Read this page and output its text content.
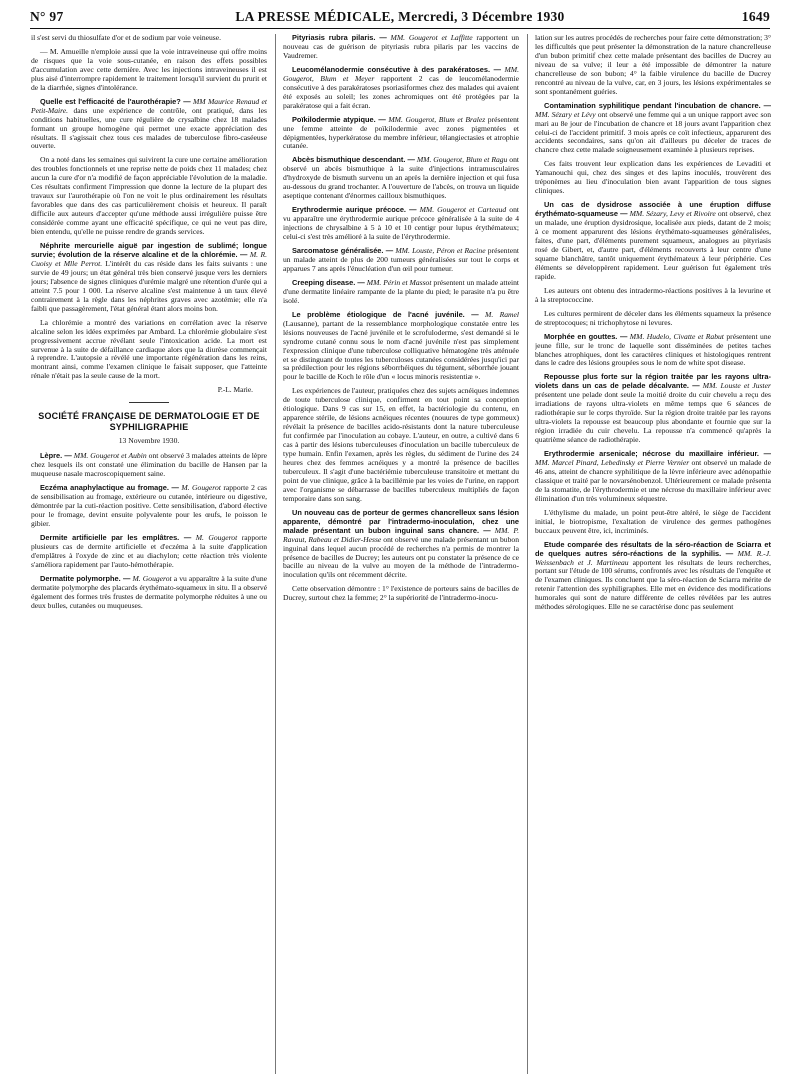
N° 97	LA PRESSE MÉDICALE, Mercredi, 3 Décembre 1930	1649

il s'est servi du thiosulfate d'or et de sodium par voie veineuse.

— M. Amueille n'emploie aussi que la voie intraveineuse qui offre moins de risques que la voie sous-cutanée, en raison des effets possibles d'accumulation avec cette dernière. Avec les injections intraveineuses il est plus aisé d'interrompre rapidement le traitement lorsqu'il survient du prurit et de la diarrhée, signes d'intolérance.

Quelle est l'efficacité de l'aurothérapie? — MM Maurice Renaud et Petit-Maire. dans une expérience de contrôle, ont pratiqué, dans les conditions habituelles, une cure régulière de crysalbine chez 18 malades formant un groupe homogène qui permet une exacte appréciation des résultats. Il s'agissait chez tous ces malades de tuberculose fibro-caséeuse ouverte.

On a noté dans les semaines qui suivirent la cure une certaine amélioration des troubles fonctionnels et une reprise nette de poids chez 11 malades; chez aucun la cure d'or n'a modifié de façon appréciable l'évolution de la maladie. Ces résultats confirment l'impression que donne la lecture de la plupart des travaux sur l'aurothérapie où l'on ne voit le plus ordinairement les résultats favorables que dans des cas particulièrement choisis et heureux. Il paraît difficile aux auteurs d'accepter qu'une méthode aussi irrégulière puisse être considérée comme ayant une efficacité spécifique, ce qui ne veut pas dire, bien entendu, qu'elle ne puisse rendre de grands services.

Néphrite mercurielle aiguë par ingestion de sublimé; longue survie; évolution de la réserve alcaline et de la chlorémie. — M. R. Cuoisy et Mlle Perrot. L'intérêt du cas réside dans les faits suivants : une survie de 49 jours; un état général très bien conservé jusque vers les derniers jours; l'absence de signes cliniques d'urémie malgré une rétention d'urée qui a atteint 7.5 pour 1 000. La réserve alcaline s'est maintenue à un taux élevé contrairement à la règle dans les néphrites graves avec azotémie; elle n'a faibli que passagèrement, l'état général étant alors moins bon.

La chlorémie a montré des variations en corrélation avec la réserve alcaline selon les idées exprimées par Ambard. La chlorémie globulaire s'est progressivement accrue révélant seule l'intoxication acide. La mort est survenue à la suite de défaillance cardiaque alors que la diurèse commençait à reprendre. L'autopsie a révélé une importante régénération dans les reins, montrant ainsi, comme l'examen clinique le faisait supposer, que l'atteinte rénale n'était pas la seule cause de la mort.

P.-L. Marie.

SOCIÉTÉ FRANÇAISE DE DERMATOLOGIE ET DE SYPHILIGRAPHIE
13 Novembre 1930.

Lèpre. — MM. Gougerot et Aubin ont observé 3 malades atteints de lèpre chez lesquels ils ont constaté une élimination du bacille de Hansen par la muqueuse nasale macroscopiquement saine.

Eczéma anaphylactique au fromage. — M. Gougerot rapporte 2 cas de sensibilisation au fromage, extérieure ou cutanée, intérieure ou digestive, démontrée par la cuti-réaction positive. Cette sensibilisation, d'abord élective pour le fromage, devint ensuite polyvalente pour les œufs, le poisson le gibier.

Dermite artificielle par les emplâtres. — M. Gougerot rapporte plusieurs cas de dermite artificielle et d'eczéma à la suite d'application d'emplâtres à l'oxyde de zinc et au diachylon; cette réaction très violente s'améliora rapidement par l'auto-hémothérapie.

Dermatite polymorphe. — M. Gougerot a vu apparaître à la suite d'une dermatite polymorphe des placards érythémato-squameux in situ. Il a observé également des formes très frustes de dermatite polymorphe réduites à une ou deux bulles, cutanées ou muqueuses.

Pityriasis rubra pilaris. — MM. Gougerot et Laffitte rapportent un nouveau cas de guérison de pityriasis rubra pilaris par les vaccins de Vaudremer.

Leucomélanodermie consécutive à des parakératoses. — MM. Gougerot, Blum et Meyer rapportent 2 cas de leucomélanodermie consécutive à des parakératoses psoriasiformes chez des malades qui avaient été exposés au soleil; les zones achromiques ont été protégées par la parakératose qui a fait écran.

Poïkilodermie atypique. — MM. Gougerot, Blum et Bralez présentent une femme atteinte de poïkilodermie avec zones pigmentées et dépigmentées, hyperkératose du membre inférieur, télangiectasies et atrophie cutanée.

Abcès bismuthique descendant. — MM. Gougerot, Blum et Ragu ont observé un abcès bismuthique à la suite d'injections intramusculaires d'hydroxyde de bismuth survenu un an après la dernière injection et qui fusa au-dessous du grand trochanter. A l'ouverture de l'abcès, on trouva un liquide aseptique contenant d'énormes cailloux bismuthiques.

Erythrodermie aurique précoce. — MM. Gougerot et Carteaud ont vu apparaître une érythrodermie aurique précoce généralisée à la suite de 4 injections de chrysalbine à 5 à 10 et 10 centigr pour lupus érythémateux; celui-ci s'est très amélioré à la suite de l'érythrodermie.

Sarcomatose généralisée. — MM. Louste, Péron et Racine présentent un malade atteint de plus de 200 tumeurs généralisées sur tout le corps et apparues 7 ans après l'énucléation d'un œil pour tumeur.

Creeping disease. — MM. Périn et Massot présentent un malade atteint d'une dermatite linéaire rampante de la plante du pied; le parasite n'a pu être isolé.

Le problème étiologique de l'acné juvénile. — M. Ramel (Lausanne), partant de la ressemblance morphologique constatée entre les lésions nouveuses de l'acné juvénile et le scrofuloderme, s'est demandé si le syndrome cutané connu sous le nom d'acné juvénile n'est pas simplement l'expression clinique d'une tuberculose colliquative hématogène très atténuée et se distinguant de toutes les tuberculoses cutanées considérées jusqu'ici par sa prédilection pour les régions séborrhéiques du tégument, séborrhée jouant pour le bacille de Koch le rôle d'un « locus minoris resistentiæ ».

Les expériences de l'auteur, pratiquées chez des sujets acnéiques indemnes de toute tuberculose clinique, confirment en tout point sa conception étiologique. Dans 9 cas sur 15, en effet, la bactériologie du contenu, en apparence stérile, de lésions acnéiques récentes (nouures de type gommeux) révélait la présence de bacilles acido-résistants dont la nature tuberculeuse fut confirmée par l'inoculation au cobaye. L'auteur, en outre, a cultivé dans 6 cas à partir des lésions tuberculeuses d'inoculation un bacille tuberculeux de type humain. Enfin l'examen, après les règles, du sédiment de l'urine des 24 heures chez des femmes acnéiques y a montré la présence de bacilles tuberculeux. Il s'agit d'une bactériémie tuberculeuse transitoire et mettant du point de vue clinique, grâce à la bacillémie par les voies de l'urine, en rapport avec l'organisme se débarrasse de bacilles tuberculeux multipliés de façon temporaire dans son sang.

Un nouveau cas de porteur de germes chancrelleux sans lésion apparente, démontré par l'intradermo-inoculation, chez une malade présentant un bubon inguinal sans chancre. — MM. P. Ravaut, Rabeau et Didier-Hesse ont observé une malade présentant un bubon inguinal dans lequel aucun procédé de recherches n'a permis de montrer la présence de bacilles de Ducrey; les auteurs ont pu constater la présence de ce bacille au niveau de la vulve au moyen de la méthode de l'intradermo-inoculation qu'ils ont récemment décrite.

Cette observation démontre : 1° l'existence de porteurs sains de bacilles de Ducrey, surtout chez la femme; 2° la supériorité de l'intradermo-inocu-

lation sur les autres procédés de recherches pour faire cette démonstration; 3° les difficultés que peut présenter la démonstration de la nature chancrelleuse d'un bubon primitif chez cette malade présentant des bacilles de Ducrey au niveau de sa vulve; il leur a été impossible de démontrer la nature chancrelleuse de son bubon; 4° la faible virulence du bacille de Ducrey rencontré au niveau de la vulve, car, en 3 jours, les lésions expérimentales se sont spontanément guéries.

Contamination syphilitique pendant l'incubation de chancre. — MM. Sézary et Lévy ont observé une femme qui a un unique rapport avec son mari au 8e jour de l'incubation de chancre et 18 jours avant l'apparition chez celui-ci de l'accident primitif. 3 mois après ce coït infectieux, apparurent des accidents secondaires, sans qu'on ait d'ailleurs pu déceler de traces de chancre chez cette malade soigneusement examinée à plusieurs reprises.

Ces faits trouvent leur explication dans les expériences de Levaditi et Yamanouchi qui, chez des singes et des lapins inoculés, trouvèrent des tréponèmes au lieu d'inoculation bien avant l'apparition de tous signes cliniques.

Un cas de dysidrose associée à une éruption diffuse érythémato-squameuse — MM. Sézary, Levy et Rivoire ont observé, chez un malade, une éruption dysidrosique, localisée aux pieds, datant de 2 mois; à ce moment apparurent des lésions érythémato-squameuses généralisées, faites, d'une part, d'éléments purement squameux, analogues au pityriasis rosé de Gibert, et, d'autre part, d'éléments recouverts à leur centre d'une squame blanchâtre, tantôt uniquement érythémateux à leur périphérie. Ces éléments se développèrent rapidement. Leur guérison fut également très rapide.

Les auteurs ont obtenu des intradermo-réactions positives à la levurine et à la streptococcine.

Les cultures permirent de déceler dans les éléments squameux la présence de streptocoques; ni trichophytose ni levures.

Morphée en gouttes. — MM. Hudelo, Civatte et Rabut présentent une jeune fille, sur le tronc de laquelle sont disséminées de petites taches blanches atrophiques, dont les caractères cliniques et histologiques rentrent dans le cadre des lésions groupées sous le nom de white spot disease.

Repousse plus forte sur la région traitée par les rayons ultra-violets dans un cas de pelade décalvante. — MM. Louste et Juster présentent une pelade dont seule la moitié droite du cuir chevelu a reçu des irradiations de rayons ultra-violets en même temps que 6 séances de radiothérapie sur le corps thyroïde. Sur la région droite traitée par les rayons ultra-violets la repousse est beaucoup plus abondante et fournie que sur la région irradiée du cuir chevelu. La repousse n'a commencé qu'après la quatrième séance de radiothérapie.

Erythrodermie arsenicale; nécrose du maxillaire inférieur. — MM. Marcel Pinard, Lebedinsky et Pierre Vernier ont observé un malade de 46 ans, atteint de chancre syphilitique de la lèvre inférieure avec adénopathie classique et traité par le novarsénobenzol. Ultérieurement ce malade présenta de la stomatite, de l'érythrodermie et une nécrose du maxillaire inférieur avec élimination d'un très volumineux séquestre.

L'éthylisme du malade, un point peut-être altéré, le siège de l'accident initial, le biotropisme, l'exaltation de virulence des germes pathogènes buccaux peuvent être, ici, incriminés.

Etude comparée des résultats de la séro-réaction de Sciarra et de quelques autres séro-réactions de la syphilis. — MM. R.-J. Weissenbach et J. Martineau apportent les résultats de leurs recherches, portant sur l'étude de 100 sérums, confrontés avec les résultats de l'enquête et de l'examen cliniques. Ils concluent que la séro-réaction de Sciarra mérite de retenir l'attention des syphiligraphes. Elle met en évidence des modifications humorales qui sont de nature différente de celles révélées par les autres méthodes sérologiques. Elle ne se caractérise donc pas seulement
